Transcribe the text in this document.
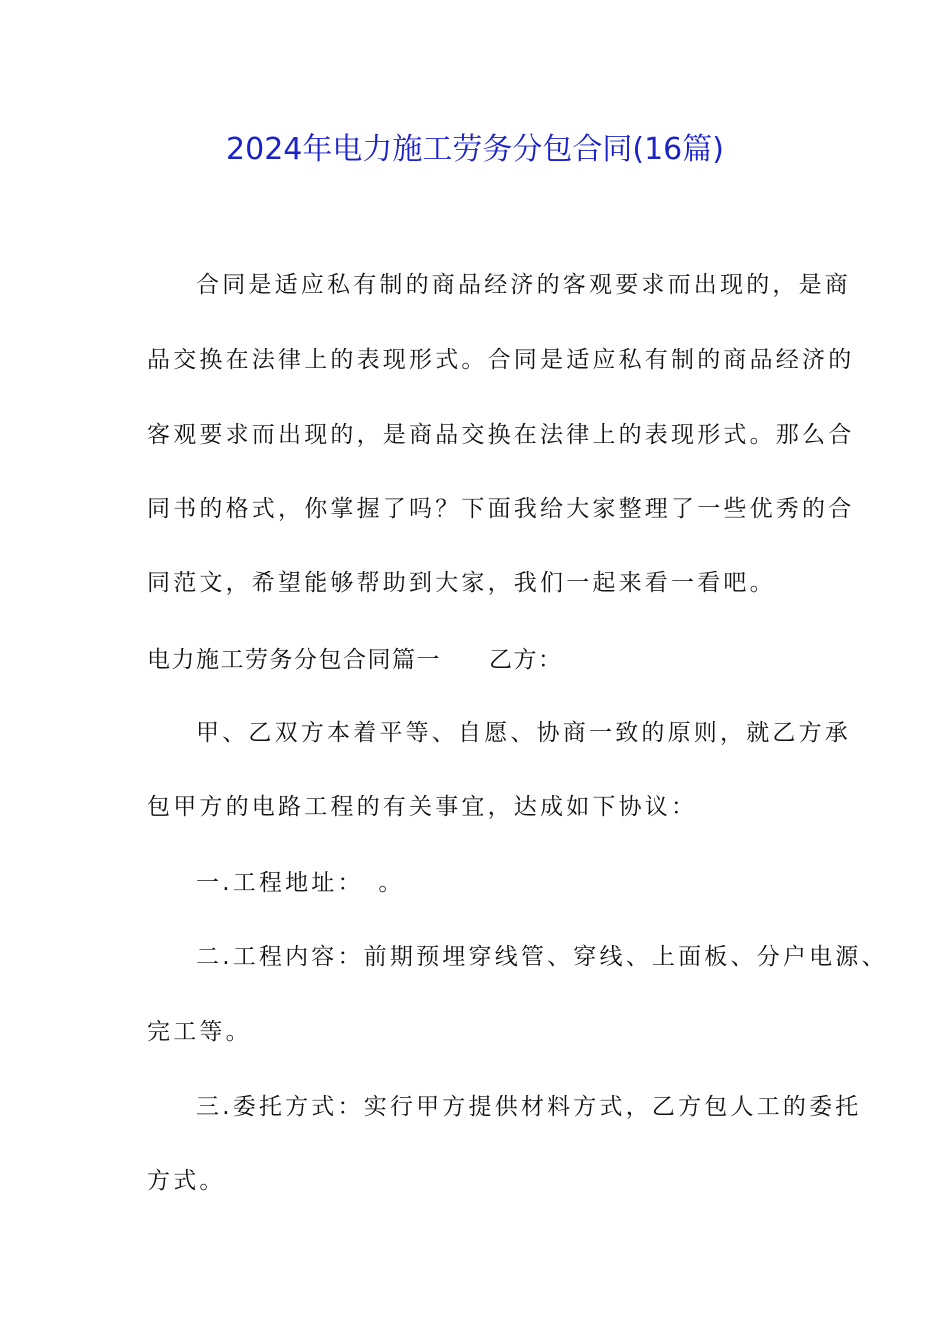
2024年电力施工劳务分包合同(16篇)
合同是适应私有制的商品经济的客观要求而出现的，是商
品交换在法律上的表现形式。合同是适应私有制的商品经济的
客观要求而出现的，是商品交换在法律上的表现形式。那么合
同书的格式，你掌握了吗？下面我给大家整理了一些优秀的合
同范文，希望能够帮助到大家，我们一起来看一看吧。
电力施工劳务分包合同篇一 乙方：
甲、乙双方本着平等、自愿、协商一致的原则，就乙方承
包甲方的电路工程的有关事宜，达成如下协议：
一.工程地址：　。
二.工程内容：前期预埋穿线管、穿线、上面板、分户电源、
完工等。
三.委托方式：实行甲方提供材料方式，乙方包人工的委托
方式。
